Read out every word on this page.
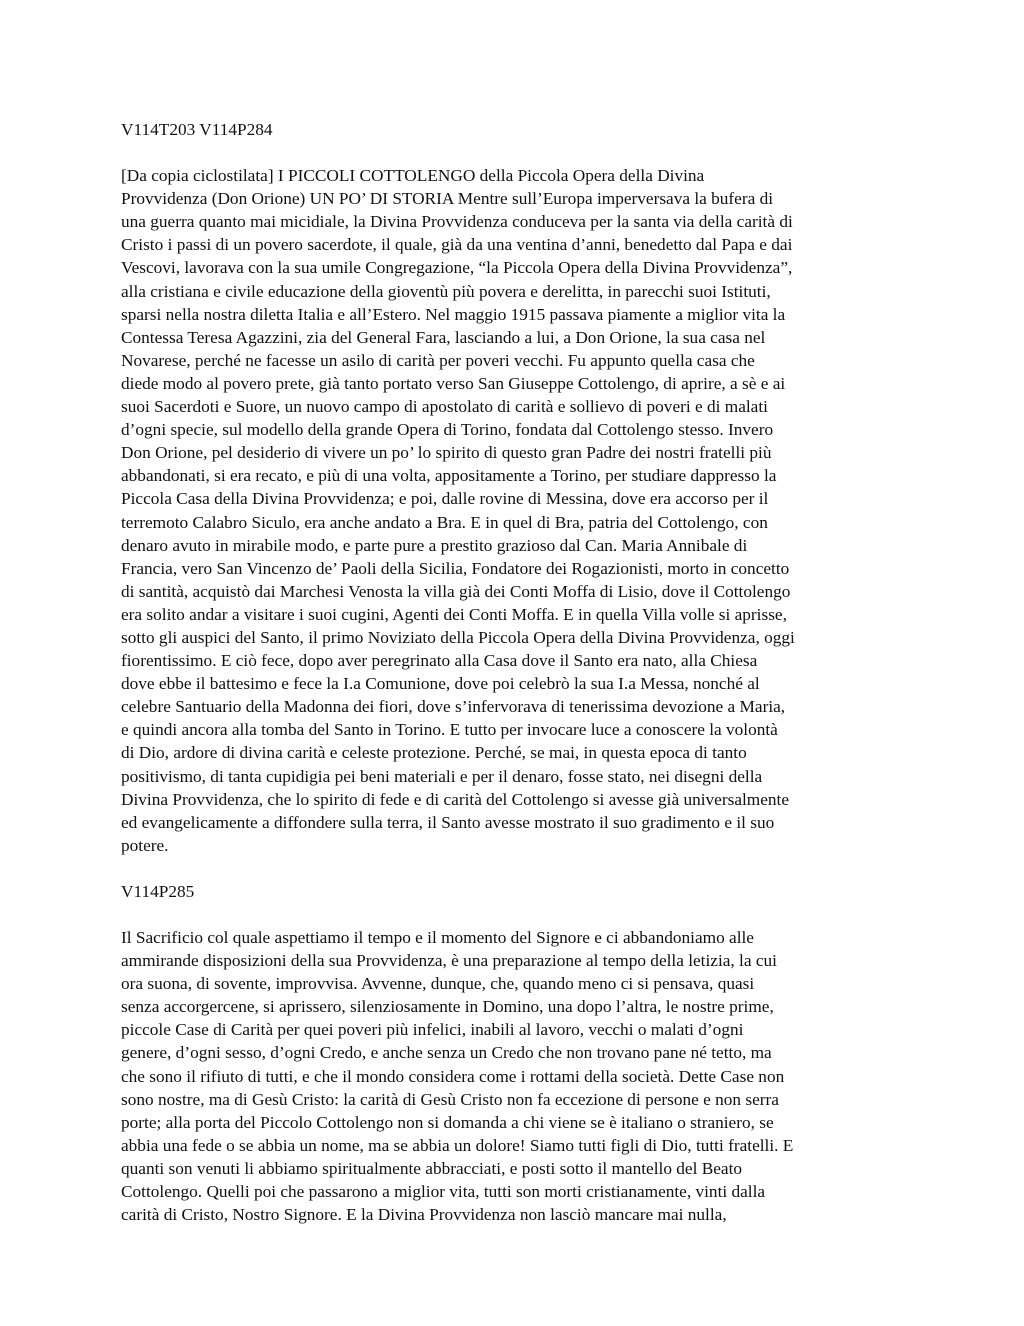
V114T203 V114P284

[Da copia ciclostilata] I PICCOLI COTTOLENGO della Piccola Opera della Divina

Provvidenza (Don Orione) UN PO’ DI STORIA Mentre sull’Europa imperversava la bufera di

una guerra quanto mai micidiale, la Divina Provvidenza conduceva per la santa via della carità di

Cristo i passi di un povero sacerdote, il quale, già da una ventina d’anni, benedetto dal Papa e dai

Vescovi, lavorava con la sua umile Congregazione, “la Piccola Opera della Divina Provvidenza”,

alla cristiana e civile educazione della gioventù più povera e derelitta, in parecchi suoi Istituti,

sparsi nella nostra diletta Italia e all’Estero. Nel maggio 1915 passava piamente a miglior vita la

Contessa Teresa Agazzini, zia del General Fara, lasciando a lui, a Don Orione, la sua casa nel

Novarese, perché ne facesse un asilo di carità per poveri vecchi. Fu appunto quella casa che

diede modo al povero prete, già tanto portato verso San Giuseppe Cottolengo, di aprire, a sè e ai

suoi Sacerdoti e Suore, un nuovo campo di apostolato di carità e sollievo di poveri e di malati

d’ogni specie, sul modello della grande Opera di Torino, fondata dal Cottolengo stesso. Invero

Don Orione, pel desiderio di vivere un po’ lo spirito di questo gran Padre dei nostri fratelli più

abbandonati, si era recato, e più di una volta, appositamente a Torino, per studiare dappresso la

Piccola Casa della Divina Provvidenza; e poi, dalle rovine di Messina, dove era accorso per il

terremoto Calabro Siculo, era anche andato a Bra. E in quel di Bra, patria del Cottolengo, con

denaro avuto in mirabile modo, e parte pure a prestito grazioso dal Can. Maria Annibale di

Francia, vero San Vincenzo de’ Paoli della Sicilia, Fondatore dei Rogazionisti, morto in concetto

di santità, acquistò dai Marchesi Venosta la villa già dei Conti Moffa di Lisio, dove il Cottolengo

era solito andar a visitare i suoi cugini, Agenti dei Conti Moffa. E in quella Villa volle si aprisse,

sotto gli auspici del Santo, il primo Noviziato della Piccola Opera della Divina Provvidenza, oggi

fiorentissimo. E ciò fece, dopo aver peregrinato alla Casa dove il Santo era nato, alla Chiesa

dove ebbe il battesimo e fece la I.a Comunione, dove poi celebrò la sua I.a Messa, nonché al

celebre Santuario della Madonna dei fiori, dove s’infervorava di tenerissima devozione a Maria,

e quindi ancora alla tomba del Santo in Torino. E tutto per invocare luce a conoscere la volontà

di Dio, ardore di divina carità e celeste protezione. Perché, se mai, in questa epoca di tanto

positivismo, di tanta cupidigia pei beni materiali e per il denaro, fosse stato, nei disegni della

Divina Provvidenza, che lo spirito di fede e di carità del Cottolengo si avesse già universalmente

ed evangelicamente a diffondere sulla terra, il Santo avesse mostrato il suo gradimento e il suo

potere.

V114P285

Il Sacrificio col quale aspettiamo il tempo e il momento del Signore e ci abbandoniamo alle

ammirande disposizioni della sua Provvidenza, è una preparazione al tempo della letizia, la cui

ora suona, di sovente, improvvisa. Avvenne, dunque, che, quando meno ci si pensava, quasi

senza accorgercene, si aprissero, silenziosamente in Domino, una dopo l’altra, le nostre prime,

piccole Case di Carità per quei poveri più infelici, inabili al lavoro, vecchi o malati d’ogni

genere, d’ogni sesso, d’ogni Credo, e anche senza un Credo che non trovano pane né tetto, ma

che sono il rifiuto di tutti, e che il mondo considera come i rottami della società. Dette Case non

sono nostre, ma di Gesù Cristo: la carità di Gesù Cristo non fa eccezione di persone e non serra

porte; alla porta del Piccolo Cottolengo non si domanda a chi viene se è italiano o straniero, se

abbia una fede o se abbia un nome, ma se abbia un dolore! Siamo tutti figli di Dio, tutti fratelli. E

quanti son venuti li abbiamo spiritualmente abbracciati, e posti sotto il mantello del Beato

Cottolengo. Quelli poi che passarono a miglior vita, tutti son morti cristianamente, vinti dalla

carità di Cristo, Nostro Signore. E la Divina Provvidenza non lasciò mancare mai nulla,
